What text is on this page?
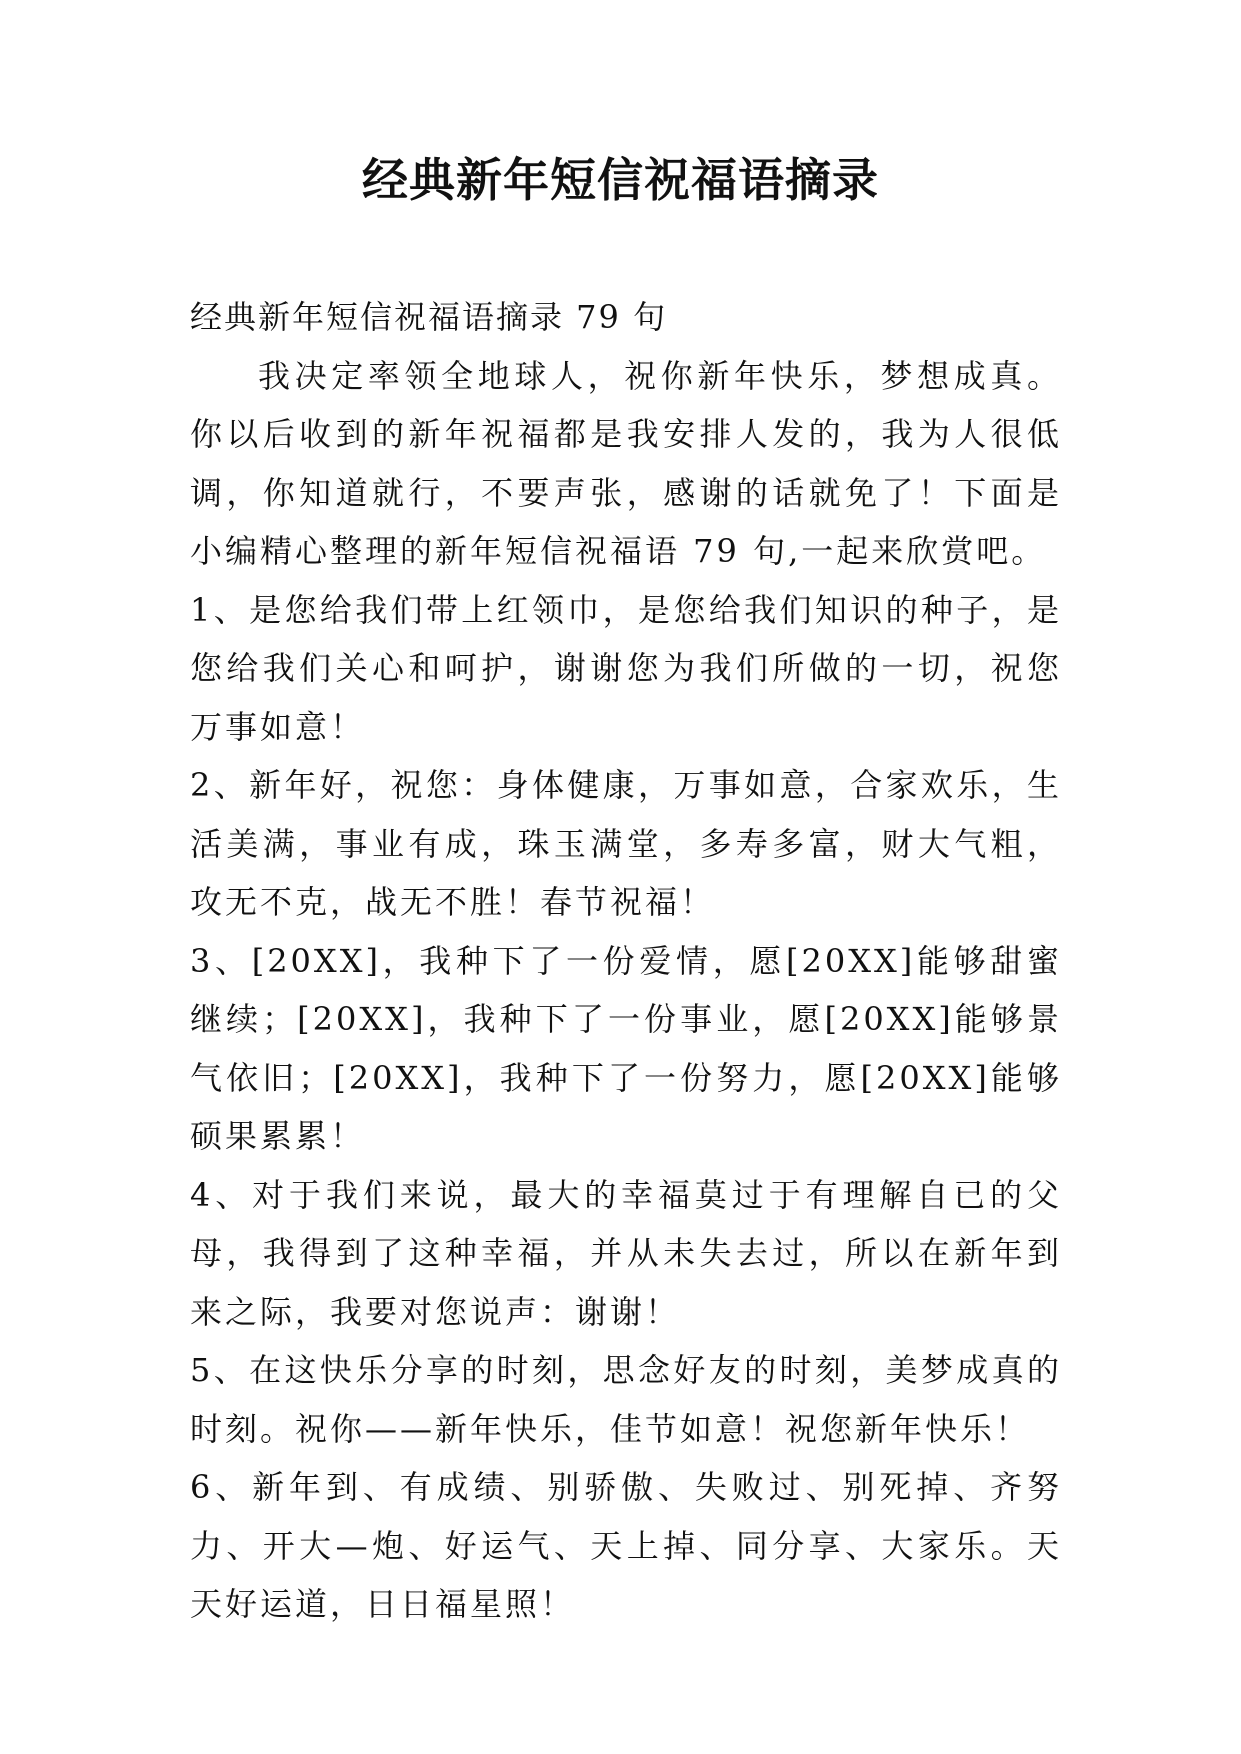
经典新年短信祝福语摘录

经典新年短信祝福语摘录 79 句

我决定率领全地球人，祝你新年快乐，梦想成真。你以后收到的新年祝福都是我安排人发的，我为人很低调，你知道就行，不要声张，感谢的话就免了！下面是小编精心整理的新年短信祝福语 79 句,一起来欣赏吧。

1、是您给我们带上红领巾，是您给我们知识的种子，是您给我们关心和呵护，谢谢您为我们所做的一切，祝您万事如意！

2、新年好，祝您：身体健康，万事如意，合家欢乐，生活美满，事业有成，珠玉满堂，多寿多富，财大气粗，攻无不克，战无不胜！春节祝福！

3、[20XX]，我种下了一份爱情，愿[20XX]能够甜蜜继续；[20XX]，我种下了一份事业，愿[20XX]能够景气依旧；[20XX]，我种下了一份努力，愿[20XX]能够硕果累累！

4、对于我们来说，最大的幸福莫过于有理解自已的父母，我得到了这种幸福，并从未失去过，所以在新年到来之际，我要对您说声：谢谢！

5、在这快乐分享的时刻，思念好友的时刻，美梦成真的时刻。祝你——新年快乐，佳节如意！祝您新年快乐！

6、新年到、有成绩、别骄傲、失败过、别死掉、齐努力、开大—炮、好运气、天上掉、同分享、大家乐。天天好运道，日日福星照！
